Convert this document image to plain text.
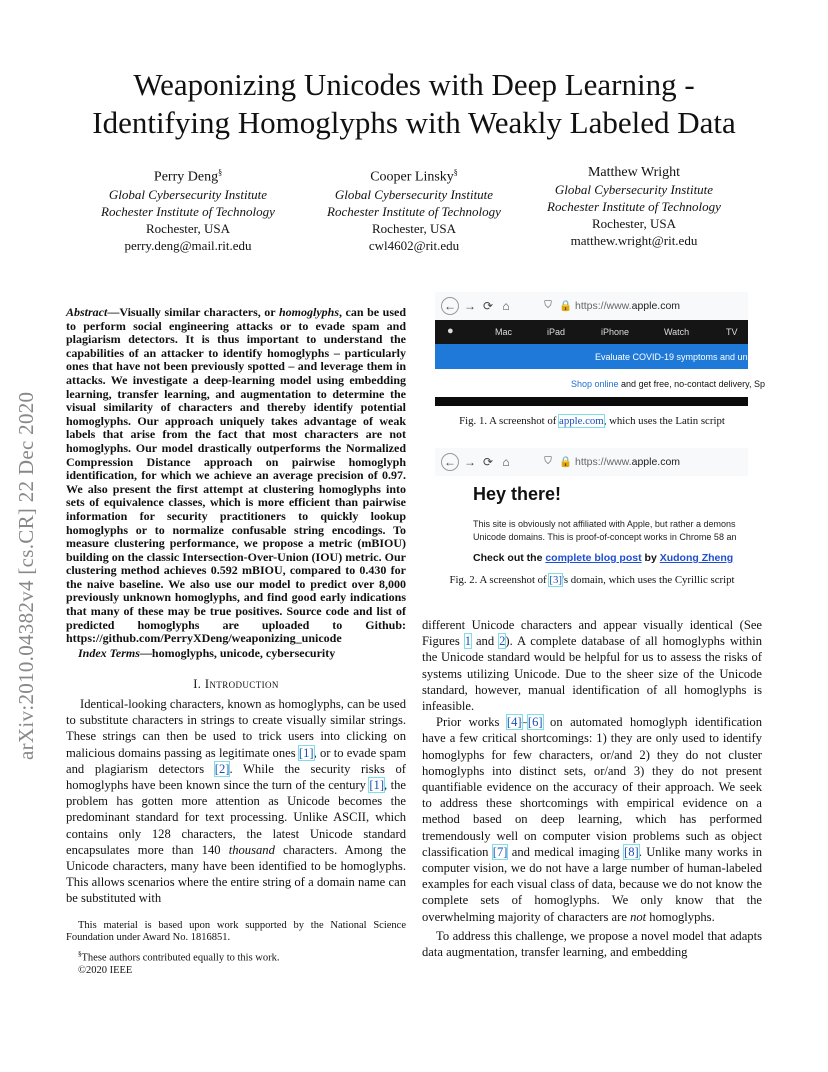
Weaponizing Unicodes with Deep Learning -
Identifying Homoglyphs with Weakly Labeled Data
Perry Deng§
Global Cybersecurity Institute
Rochester Institute of Technology
Rochester, USA
perry.deng@mail.rit.edu
Cooper Linsky§
Global Cybersecurity Institute
Rochester Institute of Technology
Rochester, USA
cwl4602@rit.edu
Matthew Wright
Global Cybersecurity Institute
Rochester Institute of Technology
Rochester, USA
matthew.wright@rit.edu
arXiv:2010.04382v4 [cs.CR] 22 Dec 2020
Abstract—Visually similar characters, or homoglyphs, can be used to perform social engineering attacks or to evade spam and plagiarism detectors. It is thus important to understand the capabilities of an attacker to identify homoglyphs – particularly ones that have not been previously spotted – and leverage them in attacks. We investigate a deep-learning model using embedding learning, transfer learning, and augmentation to determine the visual similarity of characters and thereby identify potential homoglyphs. Our approach uniquely takes advantage of weak labels that arise from the fact that most characters are not homoglyphs. Our model drastically outperforms the Normalized Compression Distance approach on pairwise homoglyph identification, for which we achieve an average precision of 0.97. We also present the first attempt at clustering homoglyphs into sets of equivalence classes, which is more efficient than pairwise information for security practitioners to quickly lookup homoglyphs or to normalize confusable string encodings. To measure clustering performance, we propose a metric (mBIOU) building on the classic Intersection-Over-Union (IOU) metric. Our clustering method achieves 0.592 mBIOU, compared to 0.430 for the naive baseline. We also use our model to predict over 8,000 previously unknown homoglyphs, and find good early indications that many of these may be true positives. Source code and list of predicted homoglyphs are uploaded to Github: https://github.com/PerryXDeng/weaponizing_unicode
Index Terms—homoglyphs, unicode, cybersecurity
I. Introduction

Identical-looking characters, known as homoglyphs, can be used to substitute characters in strings to create visually similar strings. These strings can then be used to trick users into clicking on malicious domains passing as legitimate ones [1], or to evade spam and plagiarism detectors [2]. While the security risks of homoglyphs have been known since the turn of the century [1], the problem has gotten more attention as Unicode becomes the predominant standard for text processing. Unlike ASCII, which contains only 128 characters, the latest Unicode standard encapsulates more than 140 thousand characters. Among the Unicode characters, many have been identified to be homoglyphs. This allows scenarios where the entire string of a domain name can be substituted with

This material is based upon work supported by the National Science Foundation under Award No. 1816851.

§These authors contributed equally to this work.

©2020 IEEE

← → ⟳ ⌂	⛉ 🔒 https://www.apple.com
●	Mac	iPad	iPhone	Watch	TV
Evaluate COVID-19 symptoms and unders
Shop online and get free, no-contact delivery, Sp
Fig. 1. A screenshot of apple.com, which uses the Latin script
← → ⟳ ⌂	⛉ 🔒 https://www.apple.com
Hey there!
This site is obviously not affiliated with Apple, but rather a demons
Unicode domains. This is proof-of-concept works in Chrome 58 an
Check out the complete blog post by Xudong Zheng
Fig. 2. A screenshot of [3]'s domain, which uses the Cyrillic script

different Unicode characters and appear visually identical (See Figures 1 and 2). A complete database of all homoglyphs within the Unicode standard would be helpful for us to assess the risks of systems utilizing Unicode. Due to the sheer size of the Unicode standard, however, manual identification of all homoglyphs is infeasible.

Prior works [4]–[6] on automated homoglyph identification have a few critical shortcomings: 1) they are only used to identify homoglyphs for few characters, or/and 2) they do not cluster homoglyphs into distinct sets, or/and 3) they do not present quantifiable evidence on the accuracy of their approach. We seek to address these shortcomings with empirical evidence on a method based on deep learning, which has performed tremendously well on computer vision problems such as object classification [7] and medical imaging [8]. Unlike many works in computer vision, we do not have a large number of human-labeled examples for each visual class of data, because we do not know the complete sets of homoglyphs. We only know that the overwhelming majority of characters are not homoglyphs.

To address this challenge, we propose a novel model that adapts data augmentation, transfer learning, and embedding
